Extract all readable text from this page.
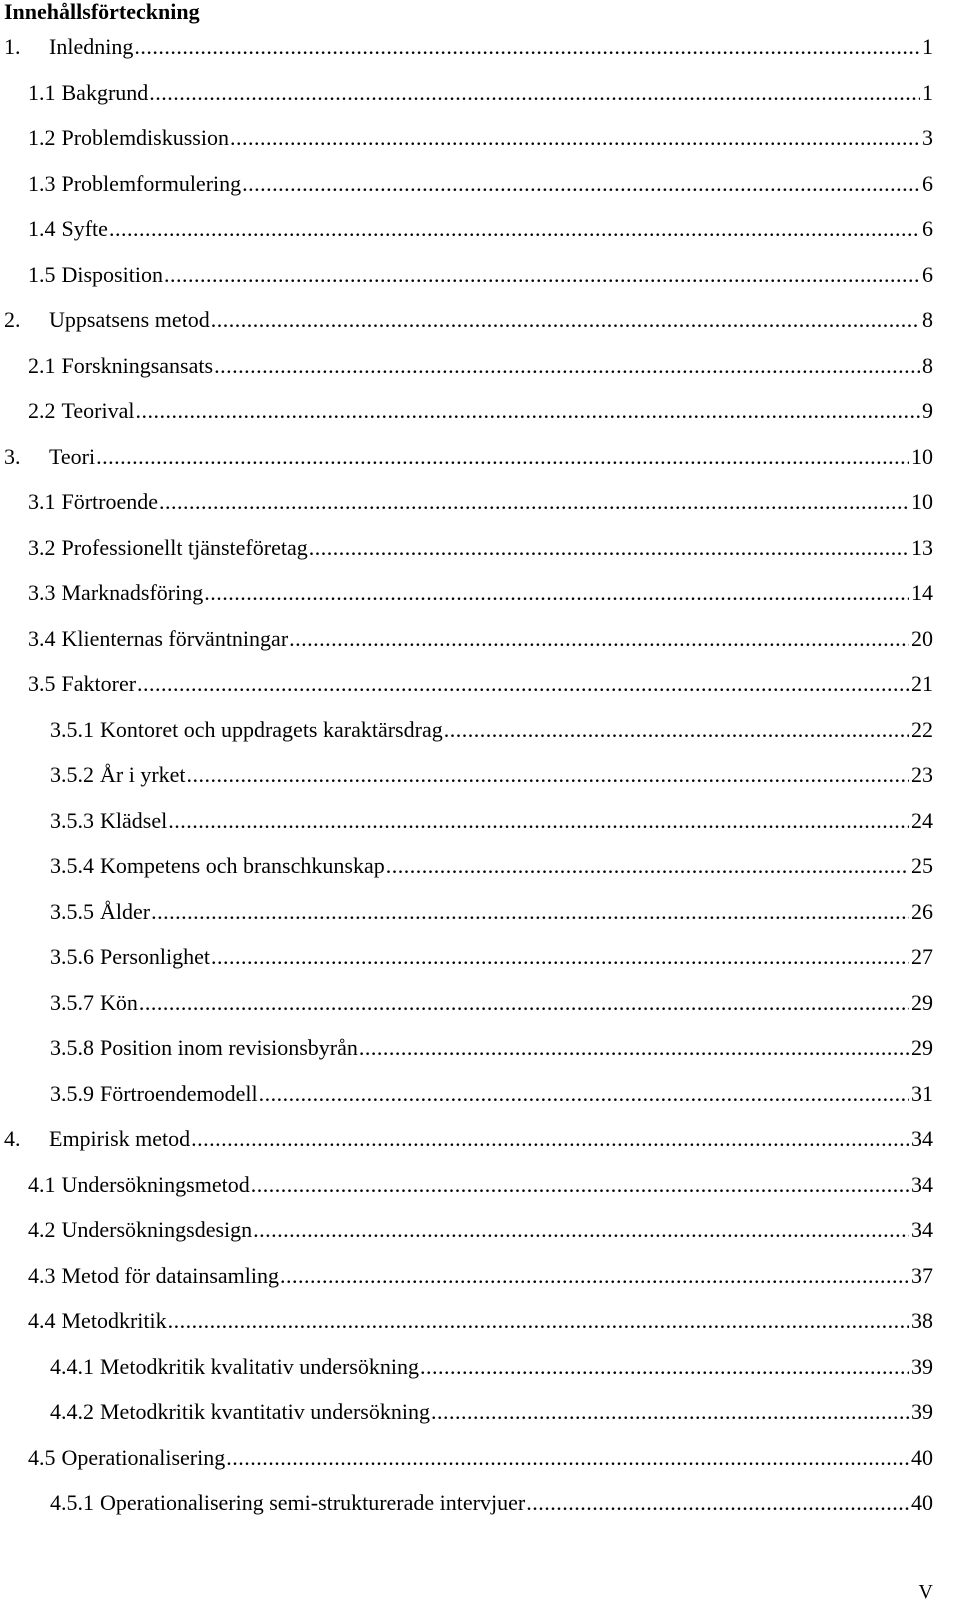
Innehållsförteckning
1.	Inledning .....	1
1.1 Bakgrund .....	1
1.2 Problemdiskussion .....	3
1.3 Problemformulering .....	6
1.4 Syfte .....	6
1.5 Disposition .....	6
2.	Uppsatsens metod .....	8
2.1 Forskningsansats .....	8
2.2 Teorival .....	9
3.	Teori .....	10
3.1 Förtroende .....	10
3.2 Professionellt tjänsteföretag .....	13
3.3 Marknadsföring .....	14
3.4 Klienternas förväntningar .....	20
3.5 Faktorer .....	21
3.5.1 Kontoret och uppdragets karaktärsdrag .....	22
3.5.2 År i yrket .....	23
3.5.3 Klädsel .....	24
3.5.4 Kompetens och branschkunskap .....	25
3.5.5 Ålder .....	26
3.5.6 Personlighet .....	27
3.5.7 Kön .....	29
3.5.8 Position inom revisionsbyrån .....	29
3.5.9 Förtroendemodell .....	31
4.	Empirisk metod .....	34
4.1 Undersökningsmetod .....	34
4.2 Undersökningsdesign .....	34
4.3 Metod för datainsamling .....	37
4.4 Metodkritik .....	38
4.4.1 Metodkritik kvalitativ undersökning .....	39
4.4.2 Metodkritik kvantitativ undersökning .....	39
4.5 Operationalisering .....	40
4.5.1 Operationalisering semi-strukturerade intervjuer .....	40
V
